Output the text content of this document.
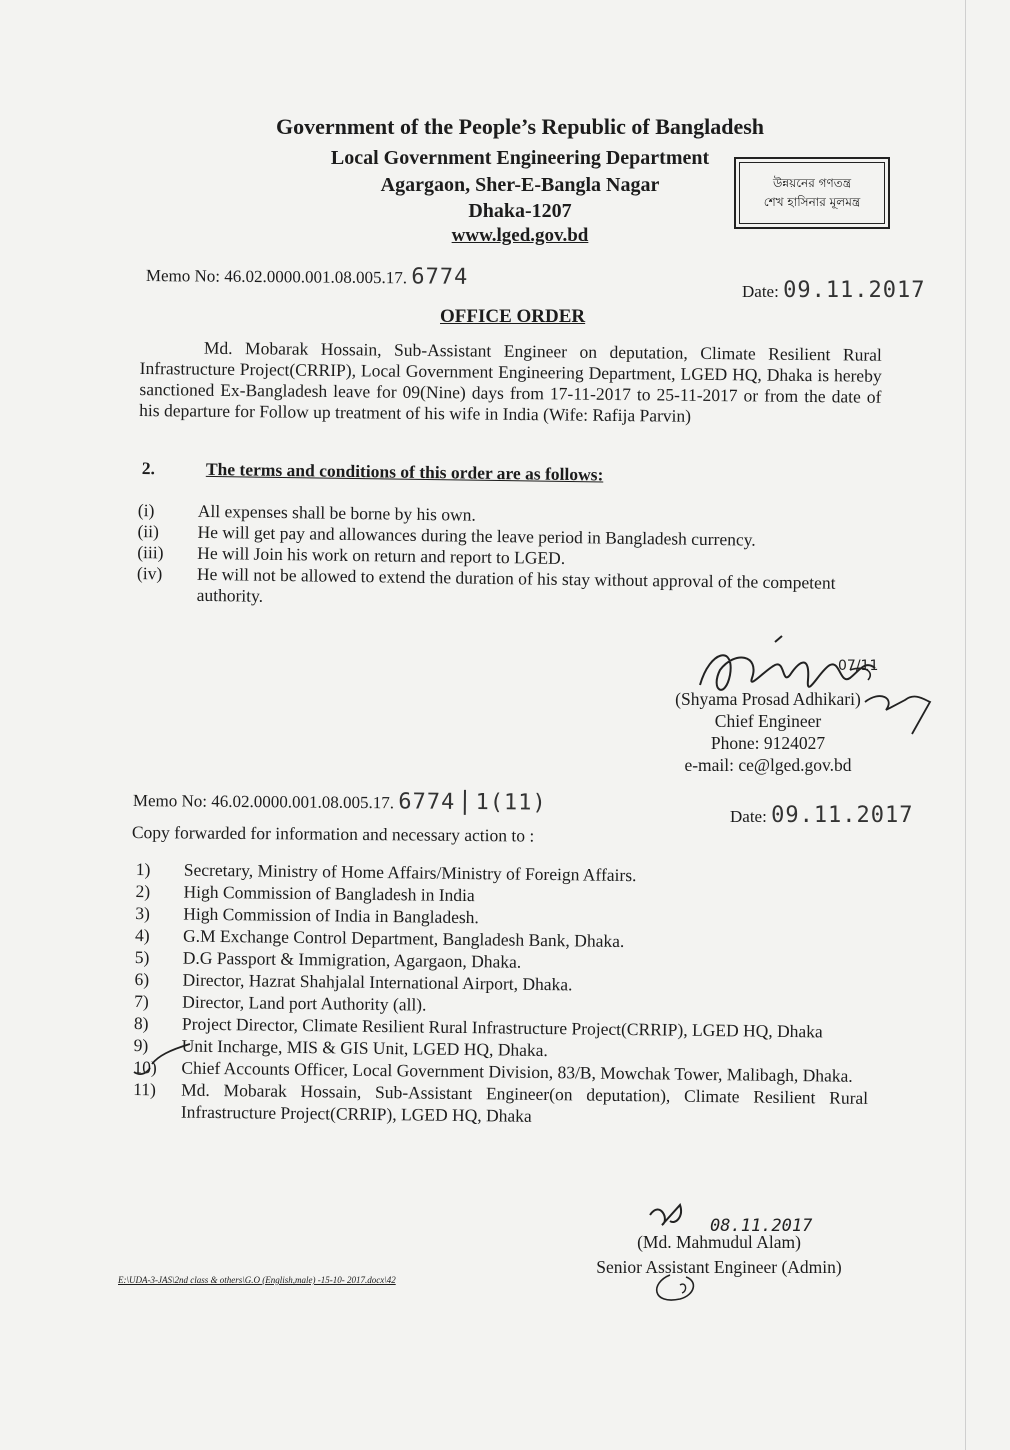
Government of the People’s Republic of Bangladesh
Local Government Engineering Department
Agargaon, Sher-E-Bangla Nagar
Dhaka-1207
www.lged.gov.bd
উন্নয়নের গণতন্ত্র
শেখ হাসিনার মূলমন্ত্র
Memo No: 46.02.0000.001.08.005.17. 6774
Date: 09.11.2017
OFFICE ORDER
Md. Mobarak Hossain, Sub-Assistant Engineer on deputation, Climate Resilient Rural Infrastructure Project(CRRIP), Local Government Engineering Department, LGED HQ, Dhaka is hereby sanctioned Ex-Bangladesh leave for 09(Nine) days from 17-11-2017 to 25-11-2017 or from the date of his departure for Follow up treatment of his wife in India (Wife: Rafija Parvin)
2.	The terms and conditions of this order are as follows:
(i)	All expenses shall be borne by his own.
(ii)	He will get pay and allowances during the leave period in Bangladesh currency.
(iii)	He will Join his work on return and report to LGED.
(iv)	He will not be allowed to extend the duration of his stay without approval of the competent authority.
07/11
(Shyama Prosad Adhikari)
Chief Engineer
Phone: 9124027
e-mail: ce@lged.gov.bd
Memo No: 46.02.0000.001.08.005.17. 6774 1(11)
Date: 09.11.2017
Copy forwarded for information and necessary action to :
1)	Secretary, Ministry of Home Affairs/Ministry of Foreign Affairs.
2)	High Commission of Bangladesh in India
3)	High Commission of India in Bangladesh.
4)	G.M Exchange Control Department, Bangladesh Bank, Dhaka.
5)	D.G Passport & Immigration, Agargaon, Dhaka.
6)	Director, Hazrat Shahjalal International Airport, Dhaka.
7)	Director, Land port Authority (all).
8)	Project Director, Climate Resilient Rural Infrastructure Project(CRRIP), LGED HQ, Dhaka
9)	Unit Incharge, MIS & GIS Unit, LGED HQ, Dhaka.
10)	Chief Accounts Officer, Local Government Division, 83/B, Mowchak Tower, Malibagh, Dhaka.
11)	Md. Mobarak Hossain, Sub-Assistant Engineer(on deputation), Climate Resilient Rural Infrastructure Project(CRRIP), LGED HQ, Dhaka
08.11.2017
(Md. Mahmudul Alam)
Senior Assistant Engineer (Admin)
E:\UDA-3-JAS\2nd class & others\G.O (English,male) -15-10- 2017.docx\42
